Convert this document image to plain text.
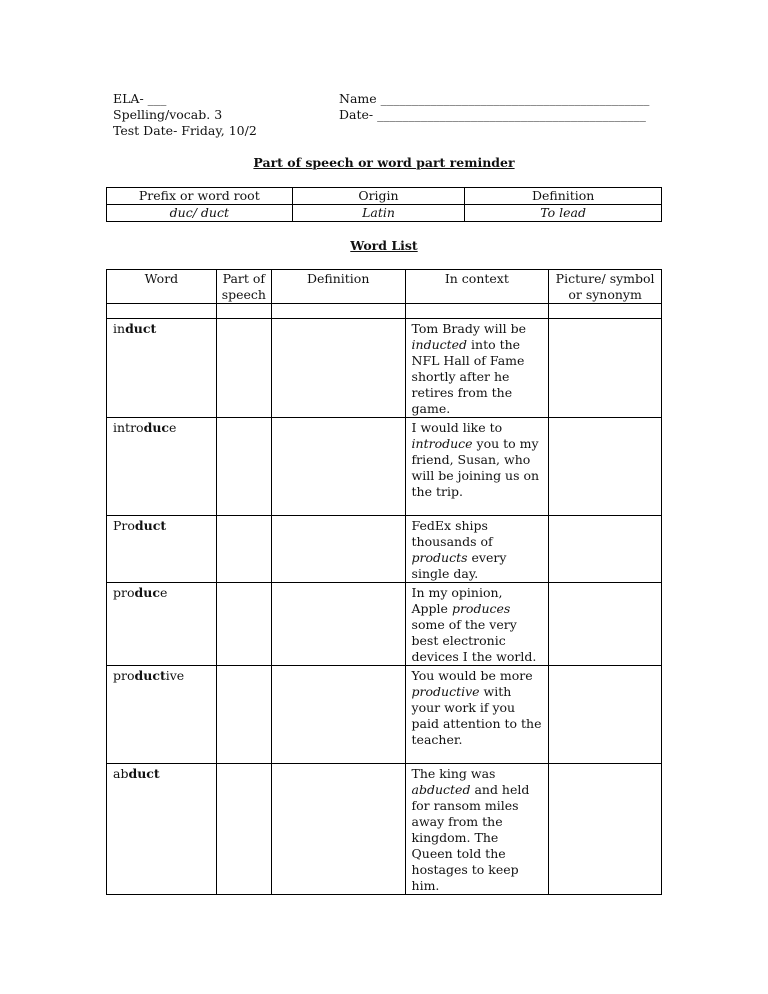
ELA- ___
Spelling/vocab. 3
Test Date- Friday, 10/2
Name ___________________________________________
Date- ___________________________________________
Part of speech or word part reminder
Prefix or word root	Origin	Definition
duc/ duct	Latin	To lead
Word List
Word	Part of speech	Definition	In context	Picture/ symbol or synonym

induct			Tom Brady will be inducted into the NFL Hall of Fame shortly after he retires from the game.	
introduce			I would like to introduce you to my friend, Susan, who will be joining us on the trip.	
Product			FedEx ships thousands of products every single day.	
produce			In my opinion, Apple produces some of the very best electronic devices I the world.	
productive			You would be more productive with your work if you paid attention to the teacher.	
abduct			The king was abducted and held for ransom miles away from the kingdom. The Queen told the hostages to keep him.	
